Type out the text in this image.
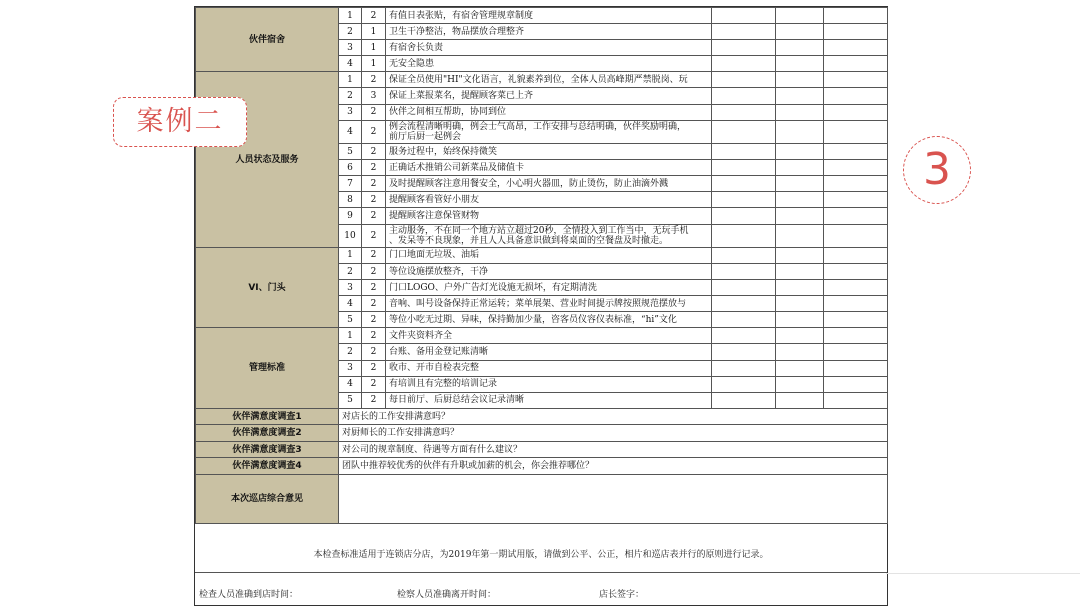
伙伴宿舍	1	2	有值日表张贴，有宿舍管理规章制度			
	2	1	卫生干净整洁，物品摆放合理整齐			
	3	1	有宿舍长负责			
	4	1	无安全隐患			
人员状态及服务	1	2	保证全员使用"HI"文化语言，礼貌素养到位，全体人员高峰期严禁脱岗、玩			
	2	3	保证上菜报菜名，提醒顾客菜已上齐			
	3	2	伙伴之间相互帮助，协同到位			
	4	2	例会流程清晰明确，例会士气高昂，工作安排与总结明确，伙伴奖励明确，
前厅后厨一起例会			
	5	2	服务过程中，始终保持微笑			
	6	2	正确话术推销公司新菜品及储值卡			
	7	2	及时提醒顾客注意用餐安全，小心明火器皿，防止烫伤，防止油滴外溅			
	8	2	提醒顾客看管好小朋友			
	9	2	提醒顾客注意保管财物			
	10	2	主动服务，不在同一个地方站立超过20秒，全情投入到工作当中，无玩手机
、发呆等不良现象，并且人人具备意识做到将桌面的空餐盘及时撤走。			
VI、门头	1	2	门口地面无垃圾、油垢			
	2	2	等位设施摆放整齐，干净			
	3	2	门口LOGO、户外广告灯光设施无损坏，有定期清洗			
	4	2	音响、叫号设备保持正常运转；菜单展架、营业时间提示牌按照规范摆放与			
	5	2	等位小吃无过期、异味，保持勤加少量，咨客员仪容仪表标准，“hi”文化			
管理标准	1	2	文件夹资料齐全			
	2	2	台账、备用金登记账清晰			
	3	2	收市、开市自检表完整			
	4	2	有培训且有完整的培训记录			
	5	2	每日前厅、后厨总结会议记录清晰			
伙伴满意度调查1	对店长的工作安排满意吗？					
伙伴满意度调查2	对厨师长的工作安排满意吗？					
伙伴满意度调查3	对公司的规章制度、待遇等方面有什么建议？					
伙伴满意度调查4	团队中推荐较优秀的伙伴有升职或加薪的机会，你会推荐哪位？					
本次巡店综合意见						
本检查标准适用于连锁店分店，为2019年第一期试用版，请做到公平、公正，相片和巡店表并行的原则进行记录。
检查人员准确到店时间：	检察人员准确离开时间：	店长签字：
案例二
3
